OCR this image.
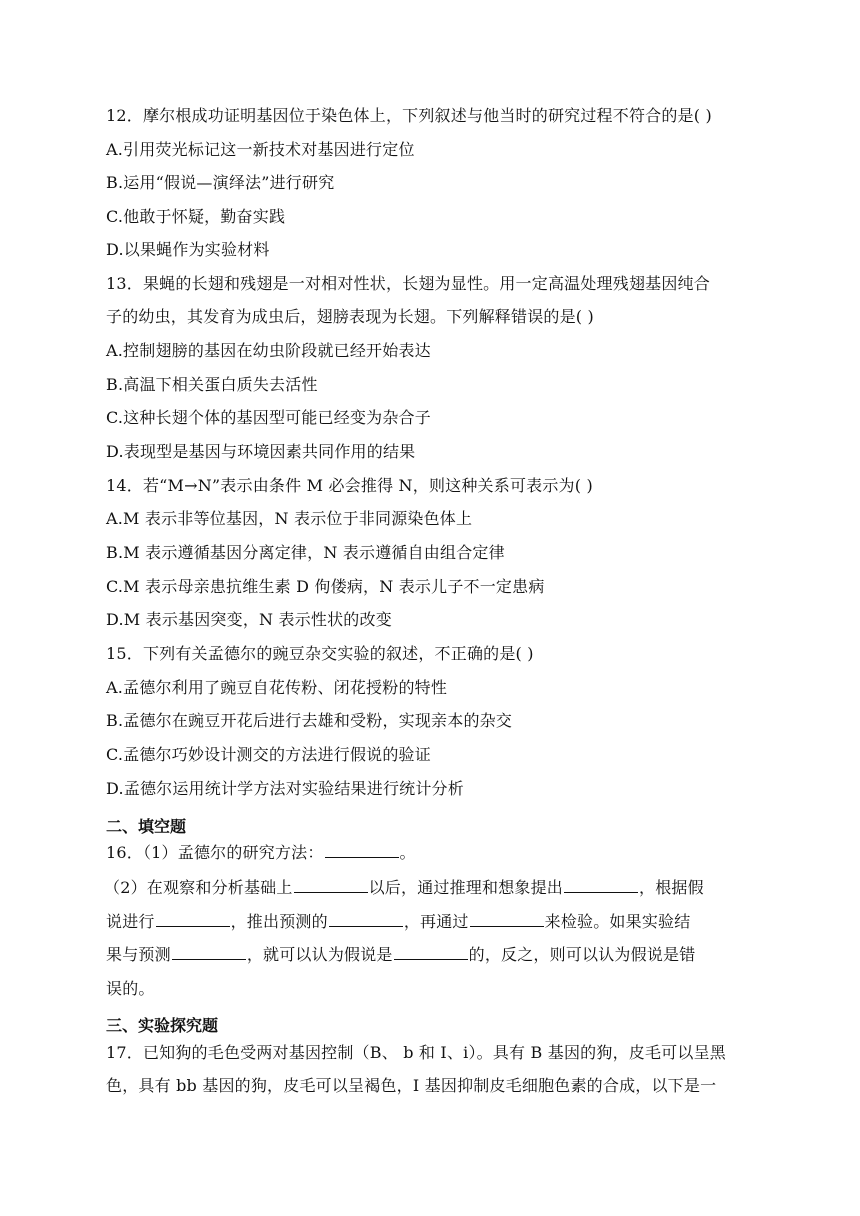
12．摩尔根成功证明基因位于染色体上，下列叙述与他当时的研究过程不符合的是( )
A.引用荧光标记这一新技术对基因进行定位
B.运用“假说—演绎法”进行研究
C.他敢于怀疑，勤奋实践
D.以果蝇作为实验材料
13．果蝇的长翅和残翅是一对相对性状，长翅为显性。用一定高温处理残翅基因纯合
子的幼虫，其发育为成虫后，翅膀表现为长翅。下列解释错误的是( )
A.控制翅膀的基因在幼虫阶段就已经开始表达
B.高温下相关蛋白质失去活性
C.这种长翅个体的基因型可能已经变为杂合子
D.表现型是基因与环境因素共同作用的结果
14．若“M→N”表示由条件 M 必会推得 N，则这种关系可表示为( )
A.M 表示非等位基因，N 表示位于非同源染色体上
B.M 表示遵循基因分离定律，N 表示遵循自由组合定律
C.M 表示母亲患抗维生素 D 佝偻病，N 表示儿子不一定患病
D.M 表示基因突变，N 表示性状的改变
15．下列有关孟德尔的豌豆杂交实验的叙述，不正确的是( )
A.孟德尔利用了豌豆自花传粉、闭花授粉的特性
B.孟德尔在豌豆开花后进行去雄和受粉，实现亲本的杂交
C.孟德尔巧妙设计测交的方法进行假说的验证
D.孟德尔运用统计学方法对实验结果进行统计分析
二、填空题
16．（1）孟德尔的研究方法：	。
（2）在观察和分析基础上	以后，通过推理和想象提出	，根据假
说进行	，推出预测的	，再通过	来检验。如果实验结
果与预测	，就可以认为假说是	的，反之，则可以认为假说是错
误的。
三、实验探究题
17．已知狗的毛色受两对基因控制（B、 b 和 I、i）。具有 B 基因的狗，皮毛可以呈黑
色，具有 bb 基因的狗，皮毛可以呈褐色，I 基因抑制皮毛细胞色素的合成，以下是一
